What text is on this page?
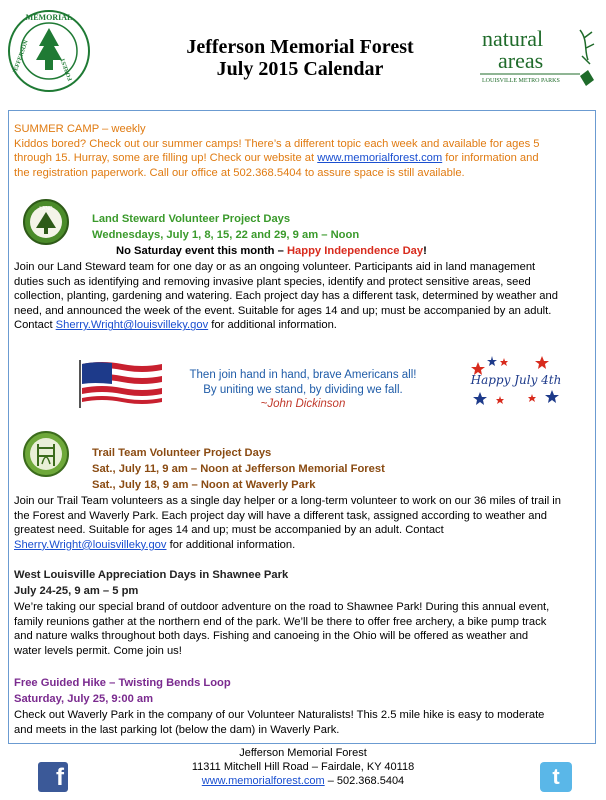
MEMORIAL
JEFFERSON	FOREST
Jefferson Memorial Forest
July 2015 Calendar
natural
areas
LOUISVILLE METRO PARKS
SUMMER CAMP – weekly
Kiddos bored? Check out our summer camps! There’s a different topic each week and available for ages 5
through 15. Hurray, some are filling up! Check our website at www.memorialforest.com for information and
the registration paperwork. Call our office at 502.368.5404 to assure space is still available.
LAND
Land Steward Volunteer Project Days
Wednesdays, July 1, 8, 15, 22 and 29, 9 am – Noon
No Saturday event this month – Happy Independence Day!
Join our Land Steward team for one day or as an ongoing volunteer. Participants aid in land management
duties such as identifying and removing invasive plant species, identify and protect sensitive areas, seed
collection, planting, gardening and watering. Each project day has a different task, determined by weather and
need, and announced the week of the event. Suitable for ages 14 and up; must be accompanied by an adult.
Contact Sherry.Wright@louisvilleky.gov for additional information.
Then join hand in hand, brave Americans all!
By uniting we stand, by dividing we fall.
~John Dickinson
Happy July 4th
Trail Team Volunteer Project Days
Sat., July 11, 9 am – Noon at Jefferson Memorial Forest
Sat., July 18, 9 am – Noon at Waverly Park
Join our Trail Team volunteers as a single day helper or a long-term volunteer to work on our 36 miles of trail in
the Forest and Waverly Park. Each project day will have a different task, assigned according to weather and
greatest need. Suitable for ages 14 and up; must be accompanied by an adult. Contact
Sherry.Wright@louisvilleky.gov for additional information.
West Louisville Appreciation Days in Shawnee Park
July 24-25, 9 am – 5 pm
We’re taking our special brand of outdoor adventure on the road to Shawnee Park! During this annual event,
family reunions gather at the northern end of the park. We’ll be there to offer free archery, a bike pump track
and nature walks throughout both days. Fishing and canoeing in the Ohio will be offered as weather and
water levels permit. Come join us!
Free Guided Hike – Twisting Bends Loop
Saturday, July 25, 9:00 am
Check out Waverly Park in the company of our Volunteer Naturalists! This 2.5 mile hike is easy to moderate
and meets in the last parking lot (below the dam) in Waverly Park.
f
Jefferson Memorial Forest
11311 Mitchell Hill Road – Fairdale, KY 40118
www.memorialforest.com – 502.368.5404	t
